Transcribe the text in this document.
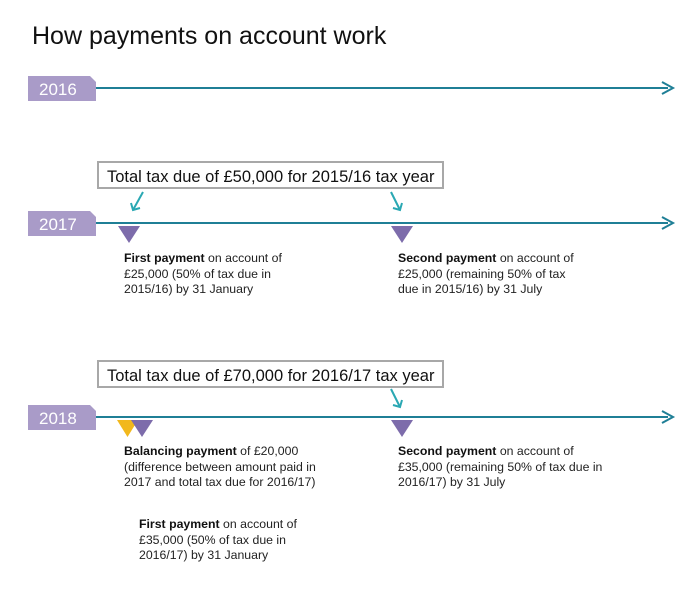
How payments on account work
2016
2017
2018
Total tax due of £50,000 for 2015/16 tax year
Total tax due of £70,000 for 2016/17 tax year
First payment on account of £25,000 (50% of tax due in 2015/16) by 31 January
Second payment on account of £25,000 (remaining 50% of tax due in 2015/16) by 31 July
Balancing payment of £20,000 (difference between amount paid in 2017 and total tax due for 2016/17)
Second payment on account of £35,000 (remaining 50% of tax due in 2016/17) by 31 July
First payment on account of £35,000 (50% of tax due in 2016/17) by 31 January
